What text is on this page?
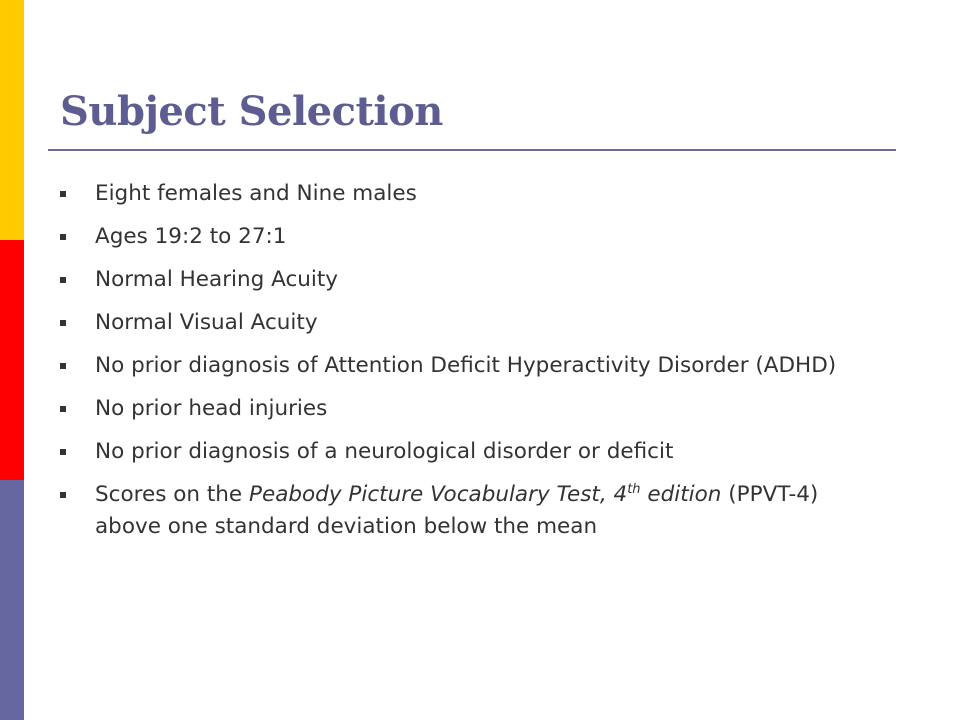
Subject Selection
Eight females and Nine males
Ages 19:2 to 27:1
Normal Hearing Acuity
Normal Visual Acuity
No prior diagnosis of Attention Deficit Hyperactivity Disorder (ADHD)
No prior head injuries
No prior diagnosis of a neurological disorder or deficit
Scores on the Peabody Picture Vocabulary Test, 4th edition (PPVT-4) above one standard deviation below the mean
